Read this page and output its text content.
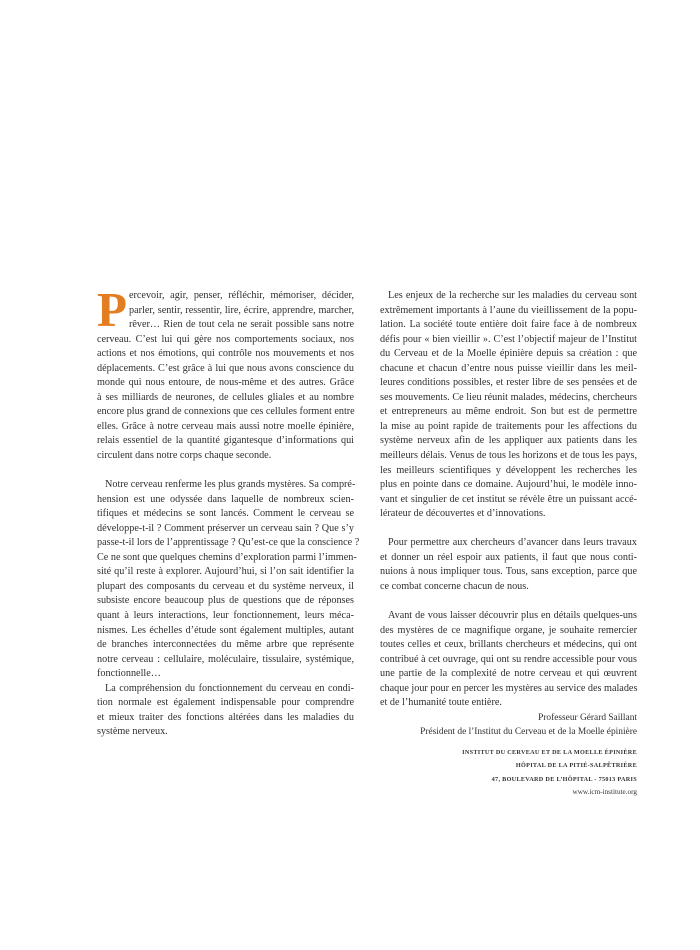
P ercevoir, agir, penser, réfléchir, mémoriser, décider,
parler, sentir, ressentir, lire, écrire, apprendre, marcher,
rêver… Rien de tout cela ne serait possible sans notre
cerveau. C’est lui qui gère nos comportements sociaux, nos
actions et nos émotions, qui contrôle nos mouvements et nos
déplacements. C’est grâce à lui que nous avons conscience du
monde qui nous entoure, de nous-même et des autres. Grâce
à ses milliards de neurones, de cellules gliales et au nombre
encore plus grand de connexions que ces cellules forment entre
elles. Grâce à notre cerveau mais aussi notre moelle épinière,
relais essentiel de la quantité gigantesque d’informations qui
circulent dans notre corps chaque seconde.
Notre cerveau renferme les plus grands mystères. Sa compré-
hension est une odyssée dans laquelle de nombreux scien-
tifiques et médecins se sont lancés. Comment le cerveau se
développe-t-il ? Comment préserver un cerveau sain ? Que s’y
passe-t-il lors de l’apprentissage ? Qu’est-ce que la conscience ?
Ce ne sont que quelques chemins d’exploration parmi l’immen-
sité qu’il reste à explorer. Aujourd’hui, si l’on sait identifier la
plupart des composants du cerveau et du système nerveux, il
subsiste encore beaucoup plus de questions que de réponses
quant à leurs interactions, leur fonctionnement, leurs méca-
nismes. Les échelles d’étude sont également multiples, autant
de branches interconnectées du même arbre que représente
notre cerveau : cellulaire, moléculaire, tissulaire, systémique,
fonctionnelle…
La compréhension du fonctionnement du cerveau en condi-
tion normale est également indispensable pour comprendre
et mieux traiter des fonctions altérées dans les maladies du
système nerveux.
Les enjeux de la recherche sur les maladies du cerveau sont
extrêmement importants à l’aune du vieillissement de la popu-
lation. La société toute entière doit faire face à de nombreux
défis pour « bien vieillir ». C’est l’objectif majeur de l’Institut
du Cerveau et de la Moelle épinière depuis sa création : que
chacune et chacun d’entre nous puisse vieillir dans les meil-
leures conditions possibles, et rester libre de ses pensées et de
ses mouvements. Ce lieu réunit malades, médecins, chercheurs
et entrepreneurs au même endroit. Son but est de permettre
la mise au point rapide de traitements pour les affections du
système nerveux afin de les appliquer aux patients dans les
meilleurs délais. Venus de tous les horizons et de tous les pays,
les meilleurs scientifiques y développent les recherches les
plus en pointe dans ce domaine. Aujourd’hui, le modèle inno-
vant et singulier de cet institut se révèle être un puissant accé-
lérateur de découvertes et d’innovations.
Pour permettre aux chercheurs d’avancer dans leurs travaux
et donner un réel espoir aux patients, il faut que nous conti-
nuions à nous impliquer tous. Tous, sans exception, parce que
ce combat concerne chacun de nous.
Avant de vous laisser découvrir plus en détails quelques-uns
des mystères de ce magnifique organe, je souhaite remercier
toutes celles et ceux, brillants chercheurs et médecins, qui ont
contribué à cet ouvrage, qui ont su rendre accessible pour vous
une partie de la complexité de notre cerveau et qui œuvrent
chaque jour pour en percer les mystères au service des malades
et de l’humanité toute entière.
Professeur Gérard Saillant
Président de l’Institut du Cerveau et de la Moelle épinière
INSTITUT DU CERVEAU ET DE LA MOELLE ÉPINIÈRE
HÔPITAL DE LA PITIÉ-SALPÊTRIÈRE
47, BOULEVARD DE L’HÔPITAL - 75013 PARIS
www.icm-institute.org
